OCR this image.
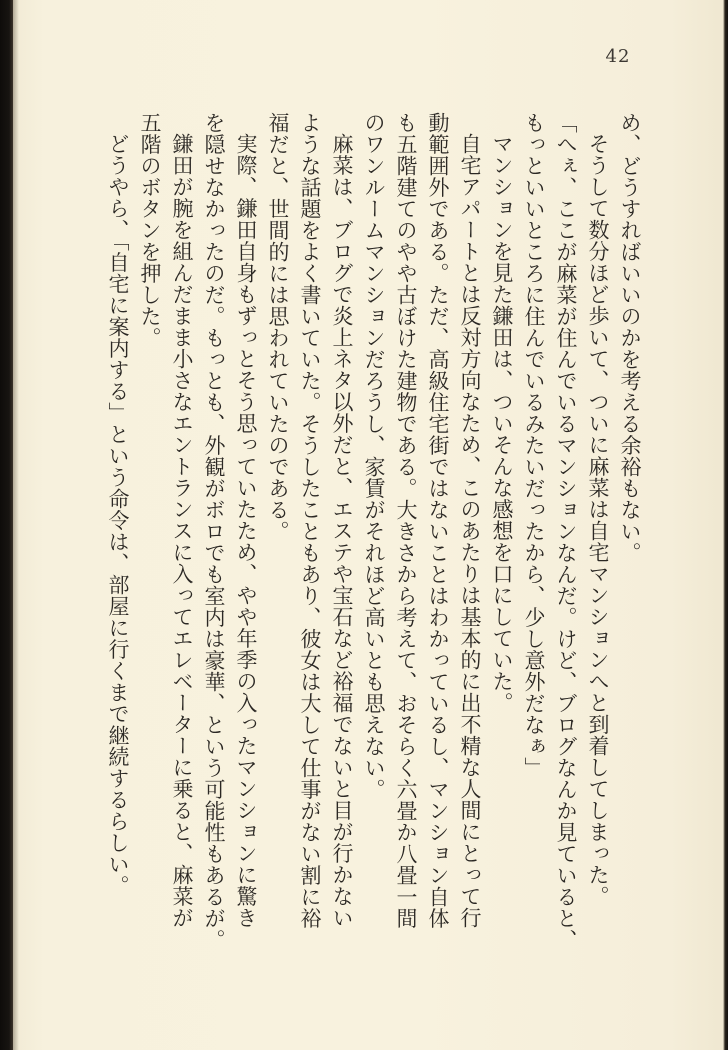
42
め、どうすればいいのかを考える余裕もない。
そうして数分ほど歩いて、ついに麻菜は自宅マンションへと到着してしまった。
「へぇ、ここが麻菜が住んでいるマンションなんだ。けど、ブログなんか見ていると、
もっといいところに住んでいるみたいだったから、少し意外だなぁ」
マンションを見た鎌田は、ついそんな感想を口にしていた。
自宅アパートとは反対方向なため、このあたりは基本的に出不精な人間にとって行
動範囲外である。ただ、高級住宅街ではないことはわかっているし、マンション自体
も五階建てのやや古ぼけた建物である。大きさから考えて、おそらく六畳か八畳一間
のワンルームマンションだろうし、家賃がそれほど高いとも思えない。
麻菜は、ブログで炎上ネタ以外だと、エステや宝石など裕福でないと目が行かない
ような話題をよく書いていた。そうしたこともあり、彼女は大して仕事がない割に裕
福だと、世間的には思われていたのである。
実際、鎌田自身もずっとそう思っていたため、やや年季の入ったマンションに驚き
を隠せなかったのだ。もっとも、外観がボロでも室内は豪華、という可能性もあるが。
鎌田が腕を組んだまま小さなエントランスに入ってエレベーターに乗ると、麻菜が
五階のボタンを押した。
どうやら、「自宅に案内する」という命令は、部屋に行くまで継続するらしい。
